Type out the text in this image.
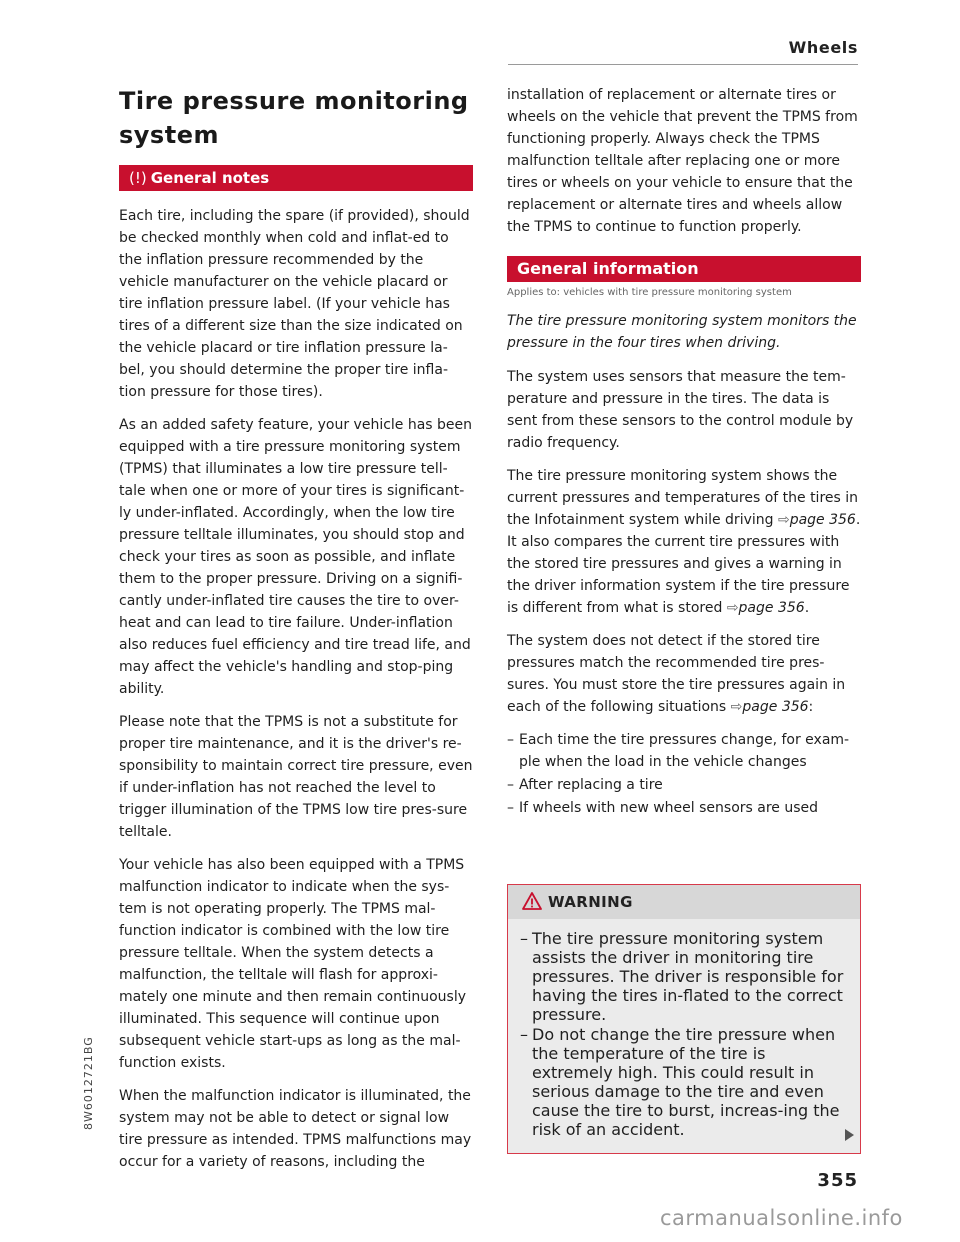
Wheels
Tire pressure monitoring system
(!) General notes

Each tire, including the spare (if provided), should be checked monthly when cold and inflat-ed to the inflation pressure recommended by the vehicle manufacturer on the vehicle placard or tire inflation pressure label. (If your vehicle has tires of a different size than the size indicated on the vehicle placard or tire inflation pressure la-bel, you should determine the proper tire infla-tion pressure for those tires).

As an added safety feature, your vehicle has been equipped with a tire pressure monitoring system (TPMS) that illuminates a low tire pressure tell-tale when one or more of your tires is significant-ly under-inflated. Accordingly, when the low tire pressure telltale illuminates, you should stop and check your tires as soon as possible, and inflate them to the proper pressure. Driving on a signifi-cantly under-inflated tire causes the tire to over-heat and can lead to tire failure. Under-inflation also reduces fuel efficiency and tire tread life, and may affect the vehicle's handling and stop-ping ability.

Please note that the TPMS is not a substitute for proper tire maintenance, and it is the driver's re-sponsibility to maintain correct tire pressure, even if under-inflation has not reached the level to trigger illumination of the TPMS low tire pres-sure telltale.

Your vehicle has also been equipped with a TPMS malfunction indicator to indicate when the sys-tem is not operating properly. The TPMS mal-function indicator is combined with the low tire pressure telltale. When the system detects a malfunction, the telltale will flash for approxi-mately one minute and then remain continuously illuminated. This sequence will continue upon subsequent vehicle start-ups as long as the mal-function exists.

When the malfunction indicator is illuminated, the system may not be able to detect or signal low tire pressure as intended. TPMS malfunctions may occur for a variety of reasons, including the

installation of replacement or alternate tires or wheels on the vehicle that prevent the TPMS from functioning properly. Always check the TPMS malfunction telltale after replacing one or more tires or wheels on your vehicle to ensure that the replacement or alternate tires and wheels allow the TPMS to continue to function properly.

General information
Applies to: vehicles with tire pressure monitoring system

The tire pressure monitoring system monitors the pressure in the four tires when driving.

The system uses sensors that measure the tem-perature and pressure in the tires. The data is sent from these sensors to the control module by radio frequency.

The tire pressure monitoring system shows the current pressures and temperatures of the tires in the Infotainment system while driving ⇨page 356. It also compares the current tire pressures with the stored tire pressures and gives a warning in the driver information system if the tire pressure is different from what is stored ⇨page 356.

The system does not detect if the stored tire pressures match the recommended tire pres-sures. You must store the tire pressures again in each of the following situations ⇨page 356:

– Each time the tire pressures change, for exam-ple when the load in the vehicle changes
– After replacing a tire
– If wheels with new wheel sensors are used
WARNING
– The tire pressure monitoring system assists the driver in monitoring tire pressures. The driver is responsible for having the tires in-flated to the correct pressure.
– Do not change the tire pressure when the temperature of the tire is extremely high. This could result in serious damage to the tire and even cause the tire to burst, increas-ing the risk of an accident.
8W6012721BG
355
carmanualsonline.info
